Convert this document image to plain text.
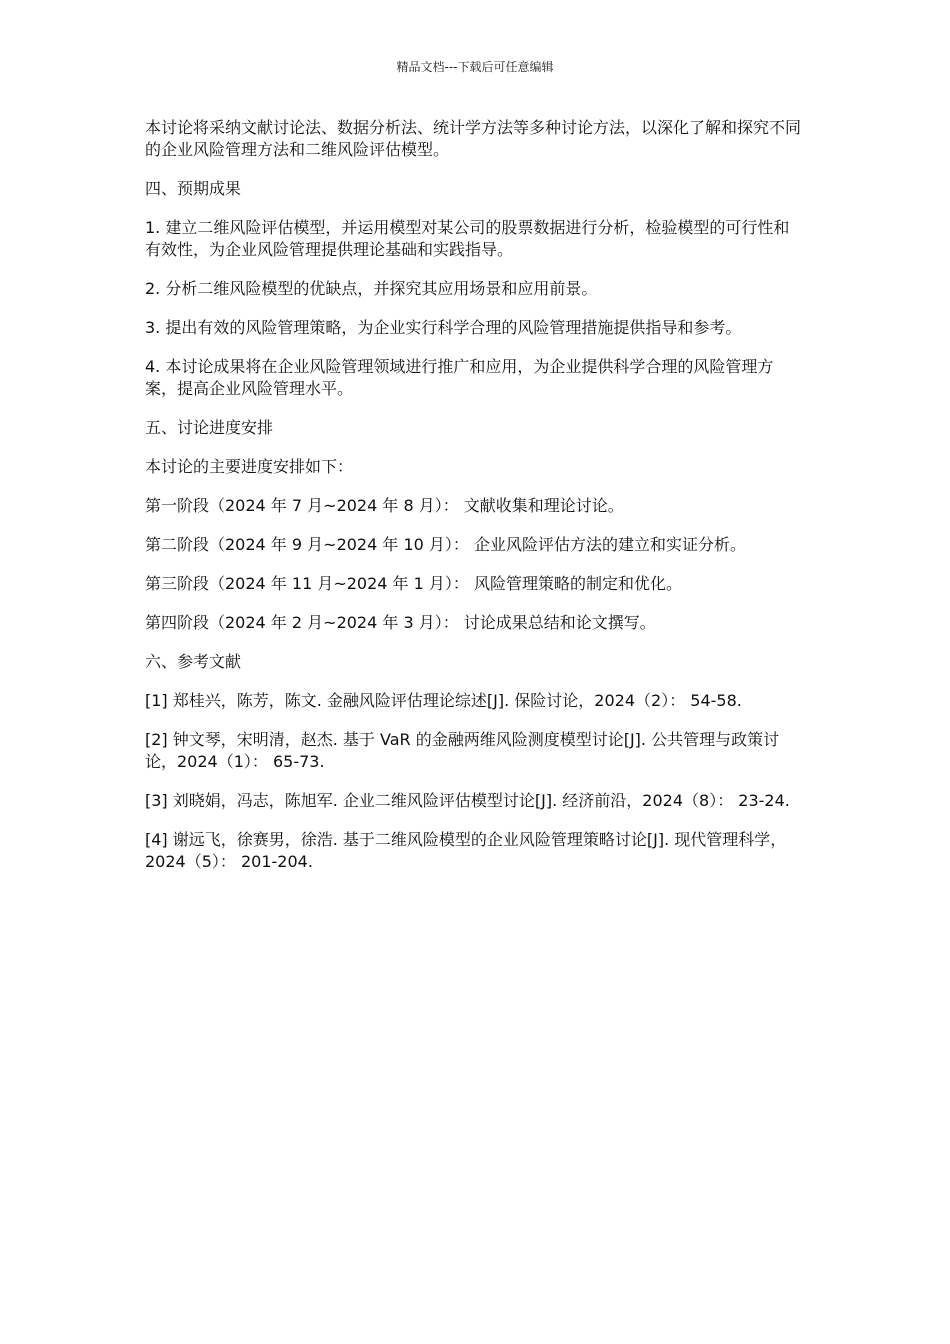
精品文档---下载后可任意编辑

本讨论将采纳文献讨论法、数据分析法、统计学方法等多种讨论方法，以深化了解和探究不同的企业风险管理方法和二维风险评估模型。

四、预期成果

1. 建立二维风险评估模型，并运用模型对某公司的股票数据进行分析，检验模型的可行性和有效性，为企业风险管理提供理论基础和实践指导。

2. 分析二维风险模型的优缺点，并探究其应用场景和应用前景。

3. 提出有效的风险管理策略，为企业实行科学合理的风险管理措施提供指导和参考。

4. 本讨论成果将在企业风险管理领域进行推广和应用，为企业提供科学合理的风险管理方案，提高企业风险管理水平。

五、讨论进度安排

本讨论的主要进度安排如下：

第一阶段（2024 年 7 月~2024 年 8 月）： 文献收集和理论讨论。

第二阶段（2024 年 9 月~2024 年 10 月）： 企业风险评估方法的建立和实证分析。

第三阶段（2024 年 11 月~2024 年 1 月）： 风险管理策略的制定和优化。

第四阶段（2024 年 2 月~2024 年 3 月）： 讨论成果总结和论文撰写。

六、参考文献

[1] 郑桂兴，陈芳，陈文. 金融风险评估理论综述[J]. 保险讨论，2024（2）： 54-58.

[2] 钟文琴，宋明清，赵杰. 基于 VaR 的金融两维风险测度模型讨论[J]. 公共管理与政策讨论，2024（1）： 65-73.

[3] 刘晓娟，冯志，陈旭军. 企业二维风险评估模型讨论[J]. 经济前沿，2024（8）： 23-24.

[4] 谢远飞，徐赛男，徐浩. 基于二维风险模型的企业风险管理策略讨论[J]. 现代管理科学，2024（5）： 201-204.
